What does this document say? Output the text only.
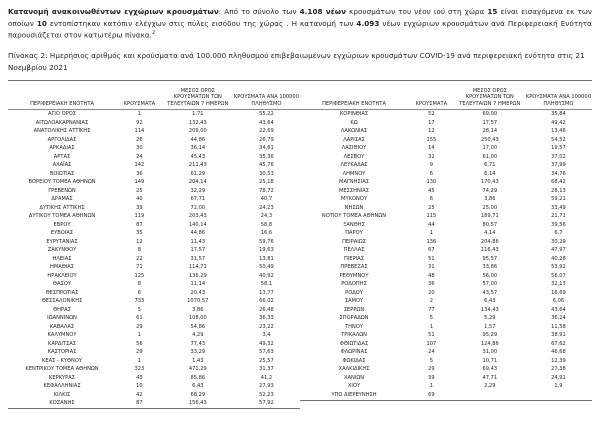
Κατανομή ανακοινωθέντων εγχώριων κρουσμάτων: Από το σύνολο των 4.108 νέων κρουσμάτων του νέου ιού στη χώρα 15 είναι εισαγόμενα εκ των οποίων 10 εντοπίστηκαν κατόπιν ελέγχων στις πύλες εισόδου της χώρας . Η κατανομή των 4.093 νέων εγχώριων κρουσμάτων ανά Περιφερειακή Ενότητα παρουσιάζεται στον κατωτέρω πίνακα.$^2$

Πίνακας 2: Ημερήσιος αριθμός και κρούσματα ανά 100.000 πληθυσμού επιβεβαιωμένων εγχώριων κρουσμάτων COVID-19 ανά περιφερειακή ενότητα στις 21 Νοεμβρίου 2021

ΠΕΡΙΦΕΡΕΙΑΚΗ ΕΝΟΤΗΤΑ	ΚΡΟΥΣΜΑΤΑ	ΜΕΣΟΣ ΟΡΟΣ
ΚΡΟΥΣΜΑΤΩΝ ΤΩΝ
ΤΕΛΕΥΤΑΙΩΝ 7 ΗΜΕΡΩΝ	ΚΡΟΥΣΜΑΤΑ ΑΝΑ 100000
ΠΛΗΘΥΣΜΟ

ΑΓΙΟ ΟΡΟΣ	1	1,71	55,22
ΑΙΤΩΛΟΑΚΑΡΝΑΝΙΑΣ	92	132,43	43,64
ΑΝΑΤΟΛΙΚΗΣ ΑΤΤΙΚΗΣ	114	209,00	22,69
ΑΡΓΟΛΙΔΑΣ	26	44,86	26,79
ΑΡΚΑΔΙΑΣ	30	36,14	34,61
ΑΡΤΑΣ	24	45,43	35,36
ΑΧΑΪΑΣ	142	211,43	45,76
ΒΟΙΩΤΙΑΣ	36	61,29	30,53
ΒΟΡΕΙΟΥ ΤΟΜΕΑ ΑΘΗΝΩΝ	149	204,14	25,18
ΓΡΕΒΕΝΩΝ	25	32,29	78,72
ΔΡΑΜΑΣ	40	67,71	40,7
ΔΥΤΙΚΗΣ ΑΤΤΙΚΗΣ	39	72,00	24,23
ΔΥΤΙΚΟΥ ΤΟΜΕΑ ΑΘΗΝΩΝ	119	203,43	24,3
ΕΒΡΟΥ	87	140,14	58,8
ΕΥΒΟΙΑΣ	35	44,86	16,6
ΕΥΡΥΤΑΝΙΑΣ	12	11,43	59,76
ΖΑΚΥΝΘΟΥ	8	17,57	19,63
ΗΛΕΙΑΣ	22	31,57	13,81
ΗΜΑΘΙΑΣ	71	114,71	50,49
ΗΡΑΚΛΕΙΟΥ	125	136,29	40,92
ΘΑΣΟΥ	8	11,14	58,1
ΘΕΣΠΡΩΤΙΑΣ	6	20,43	13,77
ΘΕΣΣΑΛΟΝΙΚΗΣ	733	1070,57	66,02
ΘΗΡΑΣ	5	3,86	26,48
ΙΩΑΝΝΙΝΩΝ	61	108,00	36,33
ΚΑΒΑΛΑΣ	29	54,86	23,22
ΚΑΛΥΜΝΟΥ	1	4,29	3,4
ΚΑΡΔΙΤΣΑΣ	56	77,43	49,32
ΚΑΣΤΟΡΙΑΣ	29	33,29	57,63
ΚΕΑΣ - ΚΥΘΝΟΥ	1	1,43	25,57
ΚΕΝΤΡΙΚΟΥ ΤΟΜΕΑ ΑΘΗΝΩΝ	323	471,29	31,37
ΚΕΡΚΥΡΑΣ	43	85,86	41,2
ΚΕΦΑΛΛΗΝΙΑΣ	10	6,43	27,93
ΚΙΛΚΙΣ	42	68,29	52,23
ΚΟΖΑΝΗΣ	87	156,43	57,92
ΠΕΡΙΦΕΡΕΙΑΚΗ ΕΝΟΤΗΤΑ	ΚΡΟΥΣΜΑΤΑ	ΜΕΣΟΣ ΟΡΟΣ
ΚΡΟΥΣΜΑΤΩΝ ΤΩΝ
ΤΕΛΕΥΤΑΙΩΝ 7 ΗΜΕΡΩΝ	ΚΡΟΥΣΜΑΤΑ ΑΝΑ 100000
ΠΛΗΘΥΣΜΟ

ΚΟΡΙΝΘΙΑΣ	52	69,00	35,84
ΚΩ	17	17,57	49,42
ΛΑΚΩΝΙΑΣ	12	28,14	13,46
ΛΑΡΙΣΑΣ	155	250,43	54,52
ΛΑΣΙΘΙΟΥ	14	17,00	19,57
ΛΕΣΒΟΥ	32	61,00	37,02
ΛΕΥΚΑΔΑΣ	9	6,71	37,99
ΛΗΜΝΟΥ	6	6,14	34,76
ΜΑΓΝΗΣΙΑΣ	130	170,43	68,42
ΜΕΣΣΗΝΙΑΣ	45	74,29	28,13
ΜΥΚΟΝΟΥ	6	3,86	59,21
ΝΗΣΩΝ	25	25,00	33,49
ΝΟΤΙΟΥ ΤΟΜΕΑ ΑΘΗΝΩΝ	115	189,71	21,71
ΞΑΝΘΗΣ	44	80,57	39,56
ΠΑΡΟΥ	1	4,14	6,7
ΠΕΙΡΑΙΩΣ	136	204,86	30,29
ΠΕΛΛΑΣ	67	116,43	47,97
ΠΙΕΡΙΑΣ	51	95,57	40,28
ΠΡΕΒΕΖΑΣ	31	33,86	53,92
ΡΕΘΥΜΝΟΥ	48	56,00	56,07
ΡΟΔΟΠΗΣ	36	57,00	32,13
ΡΟΔΟΥ	20	43,57	16,69
ΣΑΜΟΥ	2	6,43	6,06
ΣΕΡΡΩΝ	77	134,43	43,64
ΣΠΟΡΑΔΩΝ	5	5,29	36,24
ΤΗΝΟΥ	1	1,57	11,58
ΤΡΙΚΑΛΩΝ	51	95,29	38,91
ΦΘΙΩΤΙΔΑΣ	107	124,86	67,62
ΦΛΩΡΙΝΑΣ	24	31,00	46,68
ΦΩΚΙΔΑΣ	5	10,71	12,39
ΧΑΛΚΙΔΙΚΗΣ	29	69,43	27,38
ΧΑΝΙΩΝ	39	47,71	24,91
ΧΙΟΥ	1	2,29	1,9
ΥΠΟ ΔΙΕΡΕΥΝΗΣΗ	69		
